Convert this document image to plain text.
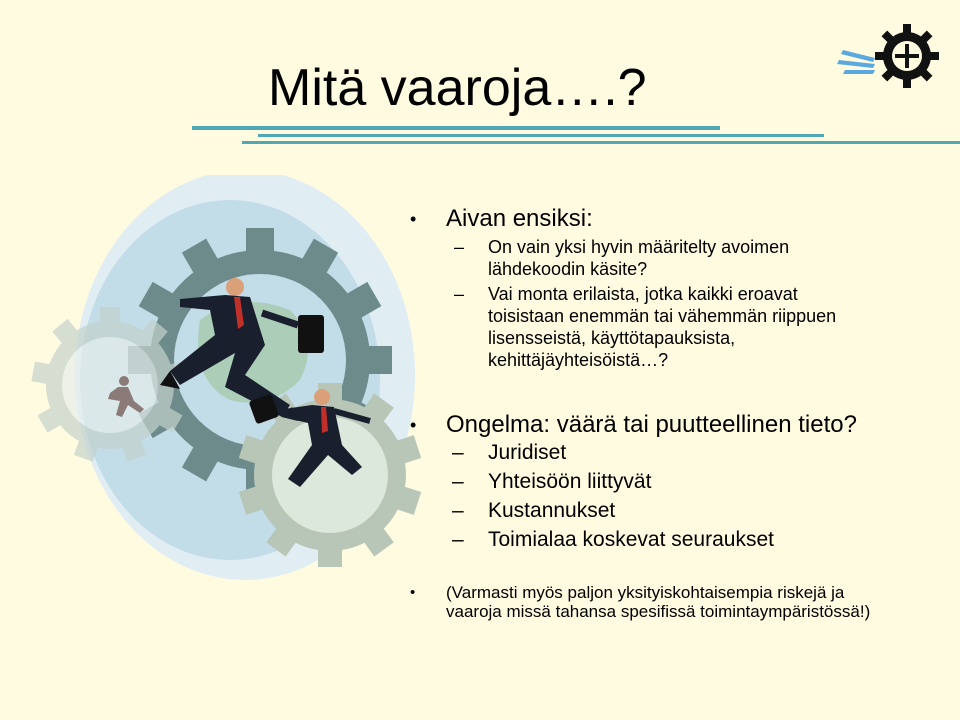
Mitä vaaroja….?
• Aivan ensiksi:
– On vain yksi hyvin määritelty avoimen
lähdekoodin käsite?
– Vai monta erilaista, jotka kaikki eroavat
toisistaan enemmän tai vähemmän riippuen
lisensseistä, käyttötapauksista,
kehittäjäyhteisöistä…?
• Ongelma: väärä tai puutteellinen tieto?
– Juridiset
– Yhteisöön liittyvät
– Kustannukset
– Toimialaa koskevat seuraukset
• (Varmasti myös paljon yksityiskohtaisempia riskejä ja
vaaroja missä tahansa spesifissä toimintaympäristössä!)
